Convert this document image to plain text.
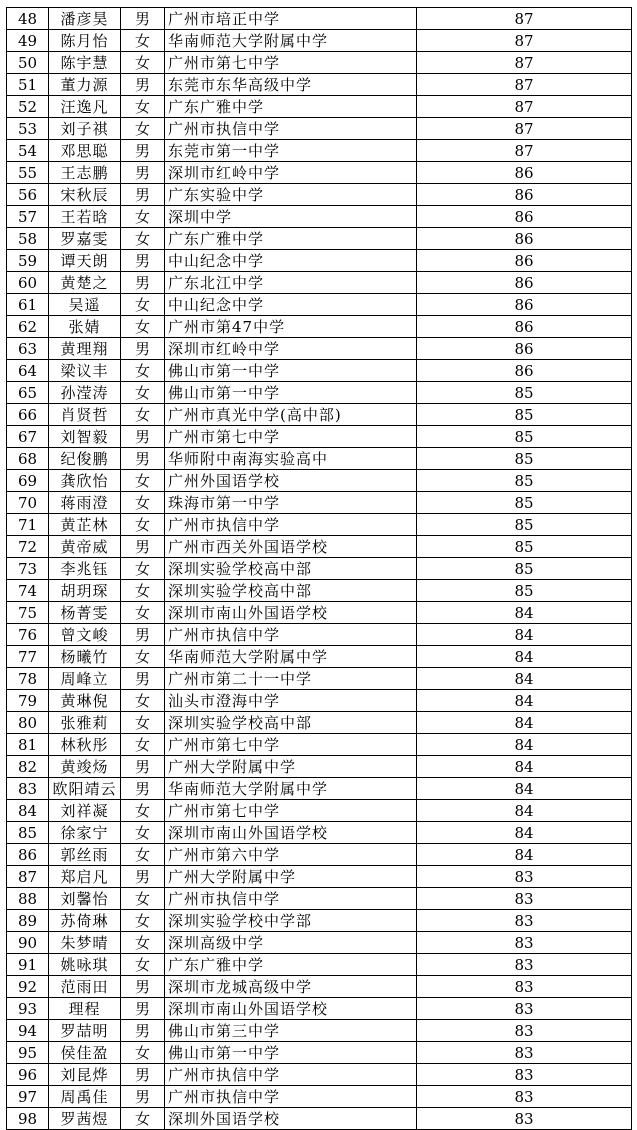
48	潘彦昊	男	广州市培正中学	87
49	陈月怡	女	华南师范大学附属中学	87
50	陈宇慧	女	广州市第七中学	87
51	董力源	男	东莞市东华高级中学	87
52	汪逸凡	女	广东广雅中学	87
53	刘子祺	女	广州市执信中学	87
54	邓思聪	男	东莞市第一中学	87
55	王志鹏	男	深圳市红岭中学	86
56	宋秋辰	男	广东实验中学	86
57	王若晗	女	深圳中学	86
58	罗嘉雯	女	广东广雅中学	86
59	谭天朗	男	中山纪念中学	86
60	黄楚之	男	广东北江中学	86
61	吴遥	女	中山纪念中学	86
62	张婧	女	广州市第47中学	86
63	黄理翔	男	深圳市红岭中学	86
64	梁议丰	女	佛山市第一中学	86
65	孙滢涛	女	佛山市第一中学	85
66	肖贤哲	女	广州市真光中学(高中部)	85
67	刘智毅	男	广州市第七中学	85
68	纪俊鹏	男	华师附中南海实验高中	85
69	龚欣怡	女	广州外国语学校	85
70	蒋雨澄	女	珠海市第一中学	85
71	黄芷林	女	广州市执信中学	85
72	黄帝威	男	广州市西关外国语学校	85
73	李兆钰	女	深圳实验学校高中部	85
74	胡玥琛	女	深圳实验学校高中部	85
75	杨菁雯	女	深圳市南山外国语学校	84
76	曾文峻	男	广州市执信中学	84
77	杨曦竹	女	华南师范大学附属中学	84
78	周峰立	男	广州市第二十一中学	84
79	黄琳倪	女	汕头市澄海中学	84
80	张雅莉	女	深圳实验学校高中部	84
81	林秋彤	女	广州市第七中学	84
82	黄竣炀	男	广州大学附属中学	84
83	欧阳靖云	男	华南师范大学附属中学	84
84	刘祥凝	女	广州市第七中学	84
85	徐家宁	女	深圳市南山外国语学校	84
86	郭丝雨	女	广州市第六中学	84
87	郑启凡	男	广州大学附属中学	83
88	刘馨怡	女	广州市执信中学	83
89	苏倚琳	女	深圳实验学校中学部	83
90	朱梦晴	女	深圳高级中学	83
91	姚咏琪	女	广东广雅中学	83
92	范雨田	男	深圳市龙城高级中学	83
93	理程	男	深圳市南山外国语学校	83
94	罗喆明	男	佛山市第三中学	83
95	侯佳盈	女	佛山市第一中学	83
96	刘昆烨	男	广州市执信中学	83
97	周禹佳	男	广州市执信中学	83
98	罗茜煜	女	深圳外国语学校	83
